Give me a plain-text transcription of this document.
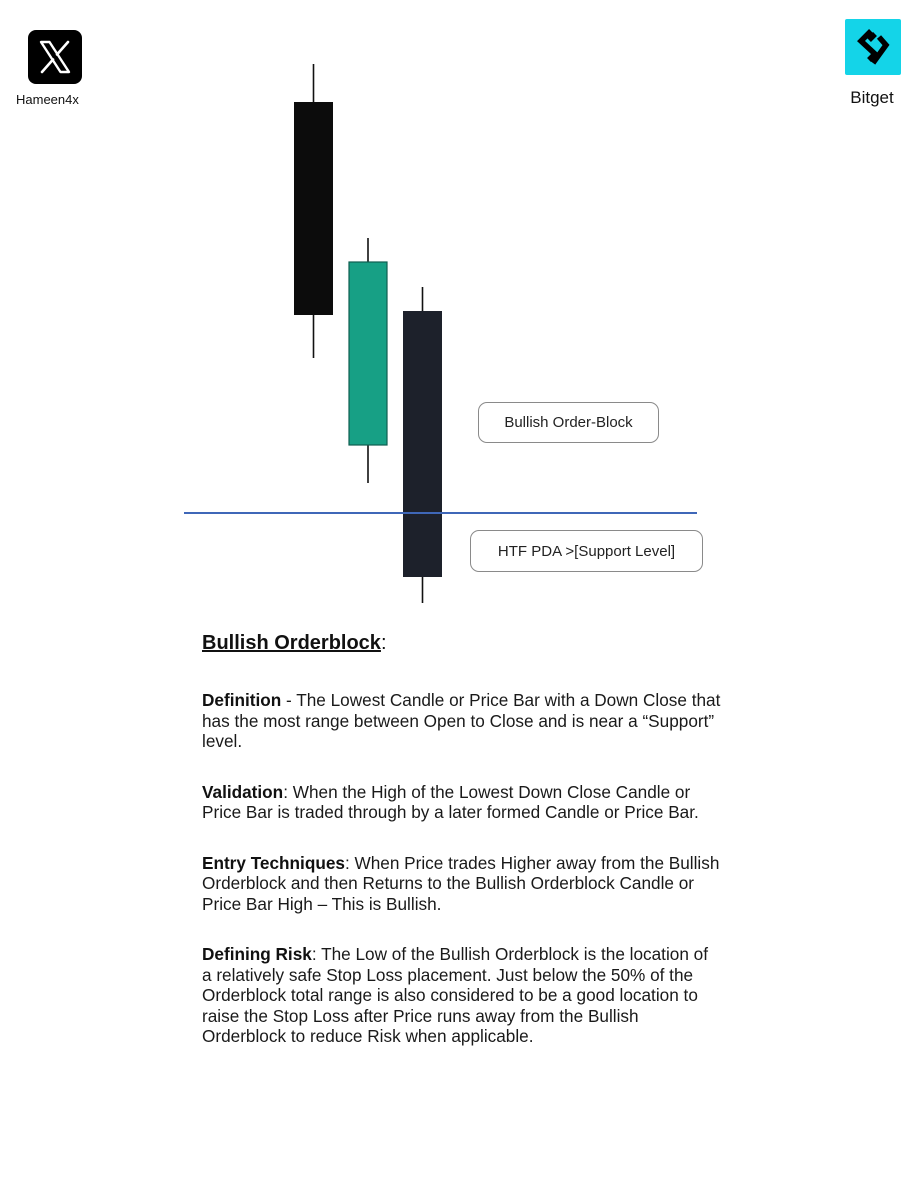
Hameen4x	Bitget
Bullish Order-Block
HTF PDA >[Support Level]
Bullish Orderblock:

Definition - The Lowest Candle or Price Bar with a Down Close that has the most range between Open to Close and is near a “Support” level.

Validation: When the High of the Lowest Down Close Candle or Price Bar is traded through by a later formed Candle or Price Bar.

Entry Techniques: When Price trades Higher away from the Bullish Orderblock and then Returns to the Bullish Orderblock Candle or Price Bar High – This is Bullish.

Defining Risk: The Low of the Bullish Orderblock is the location of a relatively safe Stop Loss placement. Just below the 50% of the Orderblock total range is also considered to be a good location to raise the Stop Loss after Price runs away from the Bullish Orderblock to reduce Risk when applicable.
